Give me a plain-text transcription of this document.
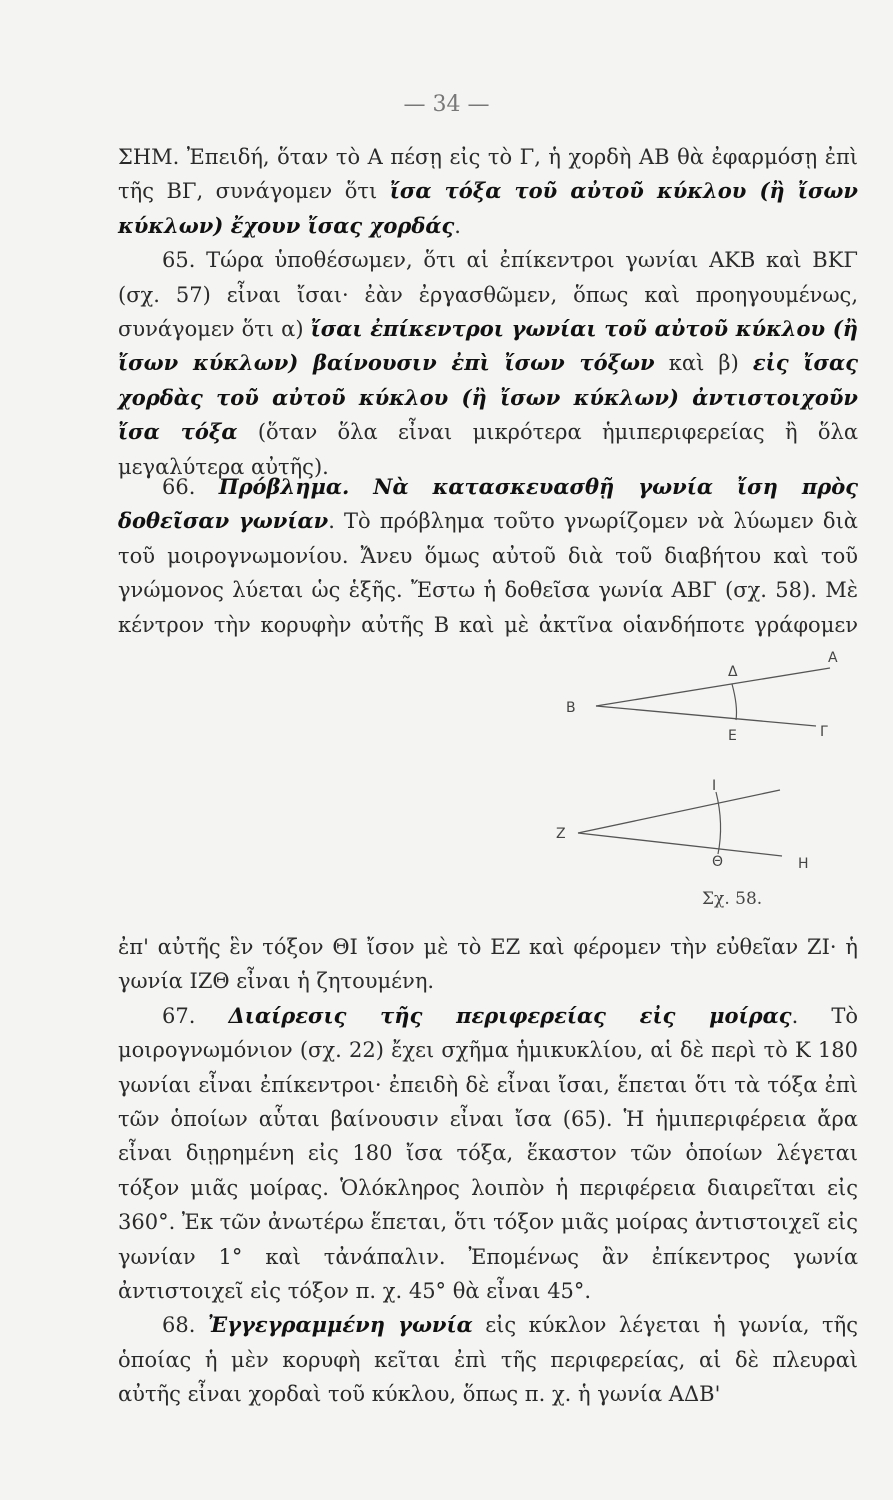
— 34 —

ΣΗΜ. Ἐπειδή, ὅταν τὸ Α πέσῃ εἰς τὸ Γ, ἡ χορδὴ ΑΒ θὰ ἐφαρμόσῃ ἐπὶ τῆς ΒΓ, συνάγομεν ὅτι ἴσα τόξα τοῦ αὐτοῦ κύκλου (ἢ ἴσων κύκλων) ἔχουν ἴσας χορδάς.

65. Τώρα ὑποθέσωμεν, ὅτι αἱ ἐπίκεντροι γωνίαι ΑΚΒ καὶ ΒΚΓ (σχ. 57) εἶναι ἴσαι· ἐὰν ἐργασθῶμεν, ὅπως καὶ προηγουμένως, συνάγομεν ὅτι α) ἴσαι ἐπίκεντροι γωνίαι τοῦ αὐτοῦ κύκλου (ἢ ἴσων κύκλων) βαίνουσιν ἐπὶ ἴσων τόξων καὶ β) εἰς ἴσας χορδὰς τοῦ αὐτοῦ κύκλου (ἢ ἴσων κύκλων) ἀντιστοιχοῦν ἴσα τόξα (ὅταν ὅλα εἶναι μικρότερα ἡμιπεριφερείας ἢ ὅλα μεγαλύτερα αὐτῆς).

66. Πρόβλημα. Νὰ κατασκευασθῇ γωνία ἴση πρὸς δοθεῖσαν γωνίαν. Τὸ πρόβλημα τοῦτο γνωρίζομεν νὰ λύωμεν διὰ τοῦ μοιρογνωμονίου. Ἄνευ ὅμως αὐτοῦ διὰ τοῦ διαβήτου καὶ τοῦ γνώμονος λύεται ὡς ἑξῆς. Ἔστω ἡ δοθεῖσα γωνία ΑΒΓ (σχ. 58). Μὲ κέντρον τὴν κορυφὴν αὐτῆς Β καὶ μὲ ἀκτῖνα οἱανδήποτε γράφομεν

A
B
Γ
Δ
E
Z
H
I
Θ
Σχ. 58.

ἐπ' αὐτῆς ἓν τόξον ΘΙ ἴσον μὲ τὸ ΕΖ καὶ φέρομεν τὴν εὐθεῖαν ΖΙ· ἡ γωνία ΙΖΘ εἶναι ἡ ζητουμένη.

67. Διαίρεσις τῆς περιφερείας εἰς μοίρας. Τὸ μοιρογνωμόνιον (σχ. 22) ἔχει σχῆμα ἡμικυκλίου, αἱ δὲ περὶ τὸ Κ 180 γωνίαι εἶναι ἐπίκεντροι· ἐπειδὴ δὲ εἶναι ἴσαι, ἕπεται ὅτι τὰ τόξα ἐπὶ τῶν ὁποίων αὗται βαίνουσιν εἶναι ἴσα (65). Ἡ ἡμιπεριφέρεια ἄρα εἶναι διῃρημένη εἰς 180 ἴσα τόξα, ἕκαστον τῶν ὁποίων λέγεται τόξον μιᾶς μοίρας. Ὁλόκληρος λοιπὸν ἡ περιφέρεια διαιρεῖται εἰς 360°. Ἐκ τῶν ἀνωτέρω ἕπεται, ὅτι τόξον μιᾶς μοίρας ἀντιστοιχεῖ εἰς γωνίαν 1° καὶ τἀνάπαλιν. Ἐπομένως ἂν ἐπίκεντρος γωνία ἀντιστοιχεῖ εἰς τόξον π. χ. 45° θὰ εἶναι 45°.

68. Ἐγγεγραμμένη γωνία εἰς κύκλον λέγεται ἡ γωνία, τῆς ὁποίας ἡ μὲν κορυφὴ κεῖται ἐπὶ τῆς περιφερείας, αἱ δὲ πλευραὶ αὐτῆς εἶναι χορδαὶ τοῦ κύκλου, ὅπως π. χ. ἡ γωνία ΑΔΒ'
